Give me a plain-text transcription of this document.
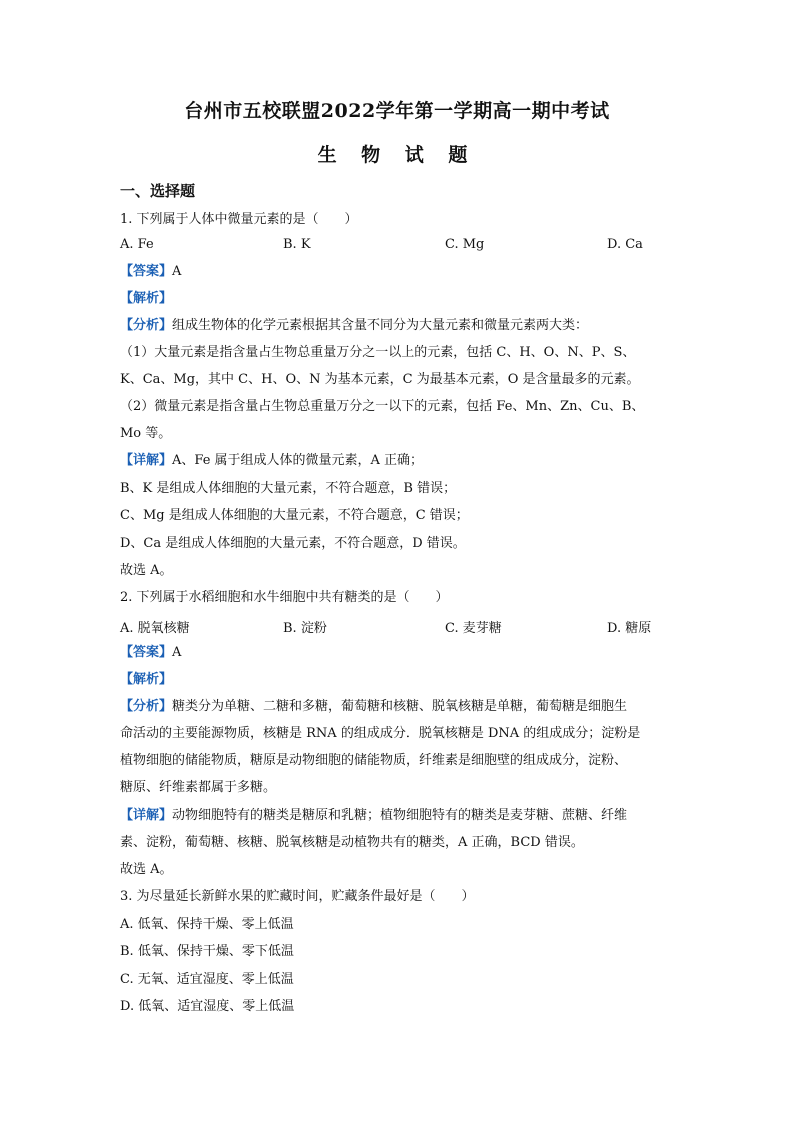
台州市五校联盟2022学年第一学期高一期中考试
生 物 试 题
一、选择题
1. 下列属于人体中微量元素的是（　　）
A. Fe	B. K	C. Mg	D. Ca
【答案】A
【解析】
【分析】组成生物体的化学元素根据其含量不同分为大量元素和微量元素两大类：
（1）大量元素是指含量占生物总重量万分之一以上的元素，包括 C、H、O、N、P、S、
K、Ca、Mg，其中 C、H、O、N 为基本元素，C 为最基本元素，O 是含量最多的元素。
（2）微量元素是指含量占生物总重量万分之一以下的元素，包括 Fe、Mn、Zn、Cu、B、
Mo 等。
【详解】A、Fe 属于组成人体的微量元素，A 正确；
B、K 是组成人体细胞的大量元素，不符合题意，B 错误；
C、Mg 是组成人体细胞的大量元素，不符合题意，C 错误；
D、Ca 是组成人体细胞的大量元素，不符合题意，D 错误。
故选 A。
2. 下列属于水稻细胞和水牛细胞中共有糖类的是（　　）
A. 脱氧核糖	B. 淀粉	C. 麦芽糖	D. 糖原
【答案】A
【解析】
【分析】糖类分为单糖、二糖和多糖，葡萄糖和核糖、脱氧核糖是单糖，葡萄糖是细胞生
命活动的主要能源物质，核糖是 RNA 的组成成分．脱氧核糖是 DNA 的组成成分；淀粉是
植物细胞的储能物质，糖原是动物细胞的储能物质，纤维素是细胞壁的组成成分，淀粉、
糖原、纤维素都属于多糖。
【详解】动物细胞特有的糖类是糖原和乳糖；植物细胞特有的糖类是麦芽糖、蔗糖、纤维
素、淀粉，葡萄糖、核糖、脱氧核糖是动植物共有的糖类，A 正确，BCD 错误。
故选 A。
3. 为尽量延长新鲜水果的贮藏时间，贮藏条件最好是（　　）
A. 低氧、保持干燥、零上低温
B. 低氧、保持干燥、零下低温
C. 无氧、适宜湿度、零上低温
D. 低氧、适宜湿度、零上低温
